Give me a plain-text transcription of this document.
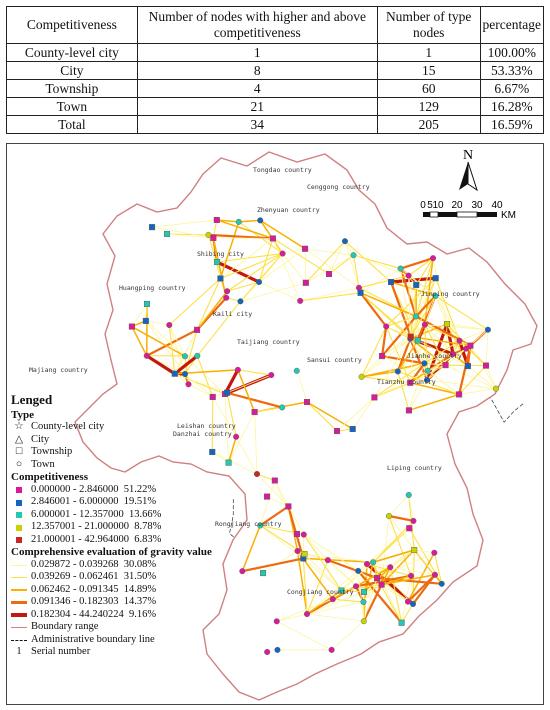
Competitiveness	Number of nodes with higher and above competitiveness	Number of type nodes	percentage
County-level city	1	1	100.00%
City	8	15	53.33%
Township	4	60	6.67%
Town	21	129	16.28%
Total	34	205	16.59%
Tongdao country
Zhenyuan country
Shibing city
Huangping country
Kaili city
Jinping country
Majiang country
Leishan country
Danzhai country
Rongjiang country
Liping country
Congjiang country
Jianhe country
Sansui country
Taijiang country
Tianzhu country
Cenggong country
N
0 5 10 20 30 40
KM
Lenged
Type
☆ County-level city
△ City
□ Township
○ Town
Competitiveness
0.000000 - 2.846000
51.22%
2.846001 - 6.000000
19.51%
6.000001 - 12.357000
13.66%
12.357001 - 21.000000
8.78%
21.000001 - 42.964000
6.83%
Comprehensive evaluation of gravity value
0.029872 - 0.039268
30.08%
0.039269 - 0.062461
31.50%
0.062462 - 0.091345
14.89%
0.091346 - 0.182303
14.37%
0.182304 - 44.240224
9.16%
Boundary range
Administrative boundary line
1 Serial number
